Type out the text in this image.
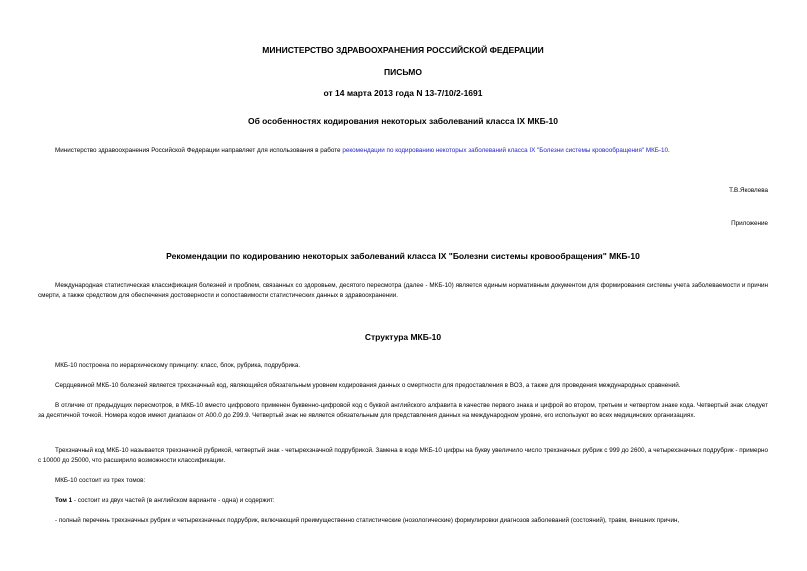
МИНИСТЕРСТВО ЗДРАВООХРАНЕНИЯ РОССИЙСКОЙ ФЕДЕРАЦИИ
ПИСЬМО
от 14 марта 2013 года N 13-7/10/2-1691
Об особенностях кодирования некоторых заболеваний класса IX МКБ-10
Министерство здравоохранения Российской Федерации направляет для использования в работе рекомендации по кодированию некоторых заболеваний класса IX "Болезни системы кровообращения" МКБ-10.
Т.В.Яковлева
Приложение
Рекомендации по кодированию некоторых заболеваний класса IX "Болезни системы кровообращения" МКБ-10
Международная статистическая классификация болезней и проблем, связанных со здоровьем, десятого пересмотра (далее - МКБ-10) является единым нормативным документом для формирования системы учета заболеваемости и причин смерти, а также средством для обеспечения достоверности и сопоставимости статистических данных в здравоохранении.
Структура МКБ-10
МКБ-10 построена по иерархическому принципу: класс, блок, рубрика, подрубрика.
Сердцевиной МКБ-10 болезней является трехзначный код, являющийся обязательным уровнем кодирования данных о смертности для предоставления в ВОЗ, а также для проведения международных сравнений.
В отличие от предыдущих пересмотров, в МКБ-10 вместо цифрового применен буквенно-цифровой код с буквой английского алфавита в качестве первого знака и цифрой во втором, третьем и четвертом знаке кода. Четвертый знак следует за десятичной точкой. Номера кодов имеют диапазон от A00.0 до Z99.9. Четвертый знак не является обязательным для представления данных на международном уровне, его используют во всех медицинских организациях.
Трехзначный код МКБ-10 называется трехзначной рубрикой, четвертый знак - четырехзначной подрубрикой. Замена в коде МКБ-10 цифры на букву увеличило число трехзначных рубрик с 999 до 2600, а четырехзначных подрубрик - примерно с 10000 до 25000, что расширило возможности классификации.
МКБ-10 состоит из трех томов:
Том 1 - состоит из двух частей (в английском варианте - одна) и содержит:
- полный перечень трехзначных рубрик и четырехзначных подрубрик, включающий преимущественно статистические (нозологические) формулировки диагнозов заболеваний (состояний), травм, внешних причин,
